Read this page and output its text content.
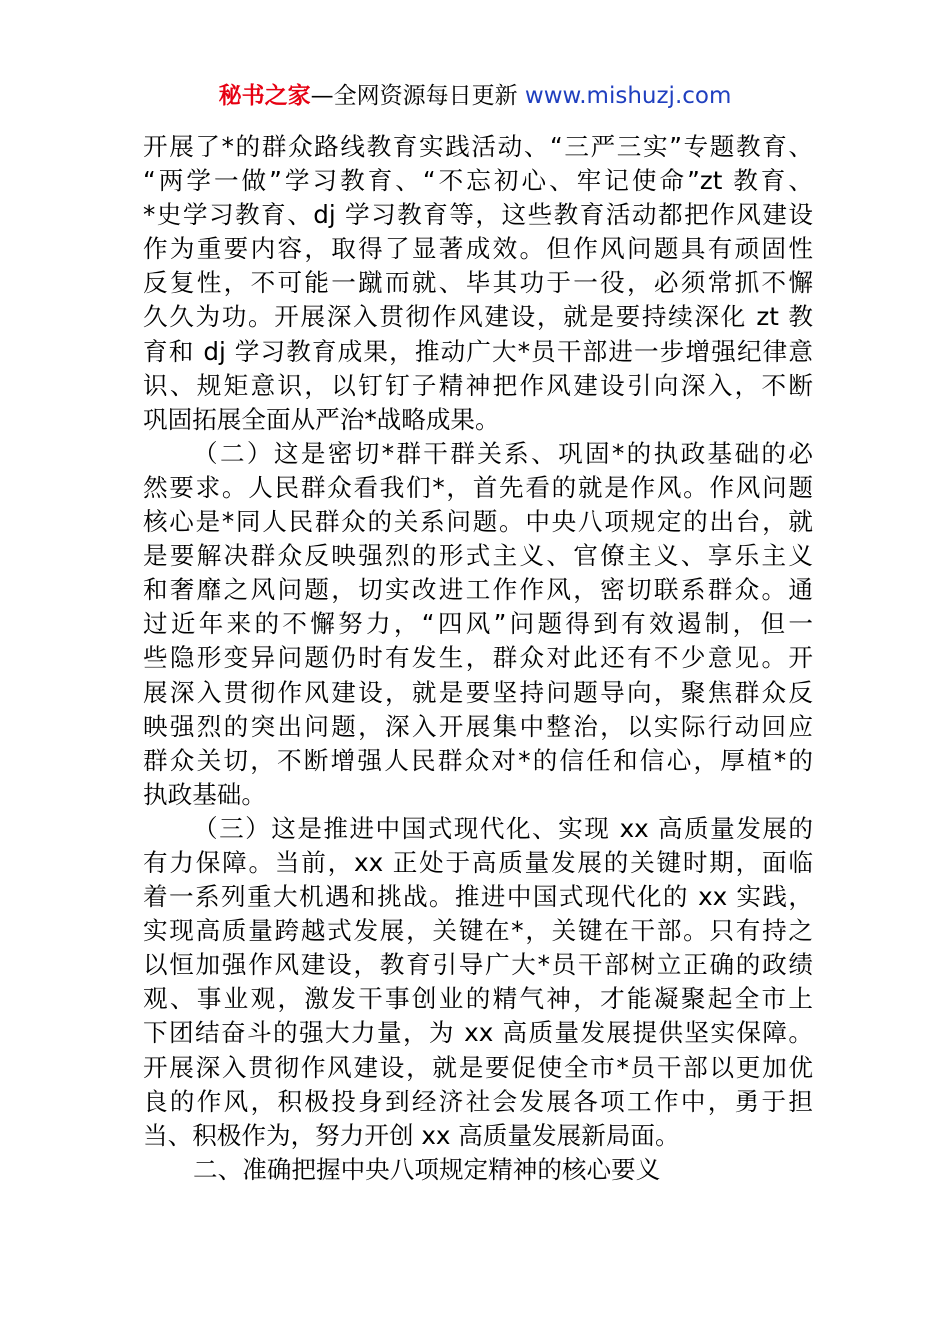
秘书之家—全网资源每日更新 www.mishuzj.com
开展了*的群众路线教育实践活动、“三严三实”专题教育、
“两学一做”学习教育、“不忘初心、牢记使命”zt 教育、
*史学习教育、dj 学习教育等，这些教育活动都把作风建设
作为重要内容，取得了显著成效。但作风问题具有顽固性
反复性，不可能一蹴而就、毕其功于一役，必须常抓不懈
久久为功。开展深入贯彻作风建设，就是要持续深化 zt 教
育和 dj 学习教育成果，推动广大*员干部进一步增强纪律意
识、规矩意识，以钉钉子精神把作风建设引向深入，不断
巩固拓展全面从严治*战略成果。
（二）这是密切*群干群关系、巩固*的执政基础的必
然要求。人民群众看我们*，首先看的就是作风。作风问题
核心是*同人民群众的关系问题。中央八项规定的出台，就
是要解决群众反映强烈的形式主义、官僚主义、享乐主义
和奢靡之风问题，切实改进工作作风，密切联系群众。通
过近年来的不懈努力，“四风”问题得到有效遏制，但一
些隐形变异问题仍时有发生，群众对此还有不少意见。开
展深入贯彻作风建设，就是要坚持问题导向，聚焦群众反
映强烈的突出问题，深入开展集中整治，以实际行动回应
群众关切，不断增强人民群众对*的信任和信心，厚植*的
执政基础。
（三）这是推进中国式现代化、实现 xx 高质量发展的
有力保障。当前，xx 正处于高质量发展的关键时期，面临
着一系列重大机遇和挑战。推进中国式现代化的 xx 实践，
实现高质量跨越式发展，关键在*，关键在干部。只有持之
以恒加强作风建设，教育引导广大*员干部树立正确的政绩
观、事业观，激发干事创业的精气神，才能凝聚起全市上
下团结奋斗的强大力量，为 xx 高质量发展提供坚实保障。
开展深入贯彻作风建设，就是要促使全市*员干部以更加优
良的作风，积极投身到经济社会发展各项工作中，勇于担
当、积极作为，努力开创 xx 高质量发展新局面。
二、准确把握中央八项规定精神的核心要义
